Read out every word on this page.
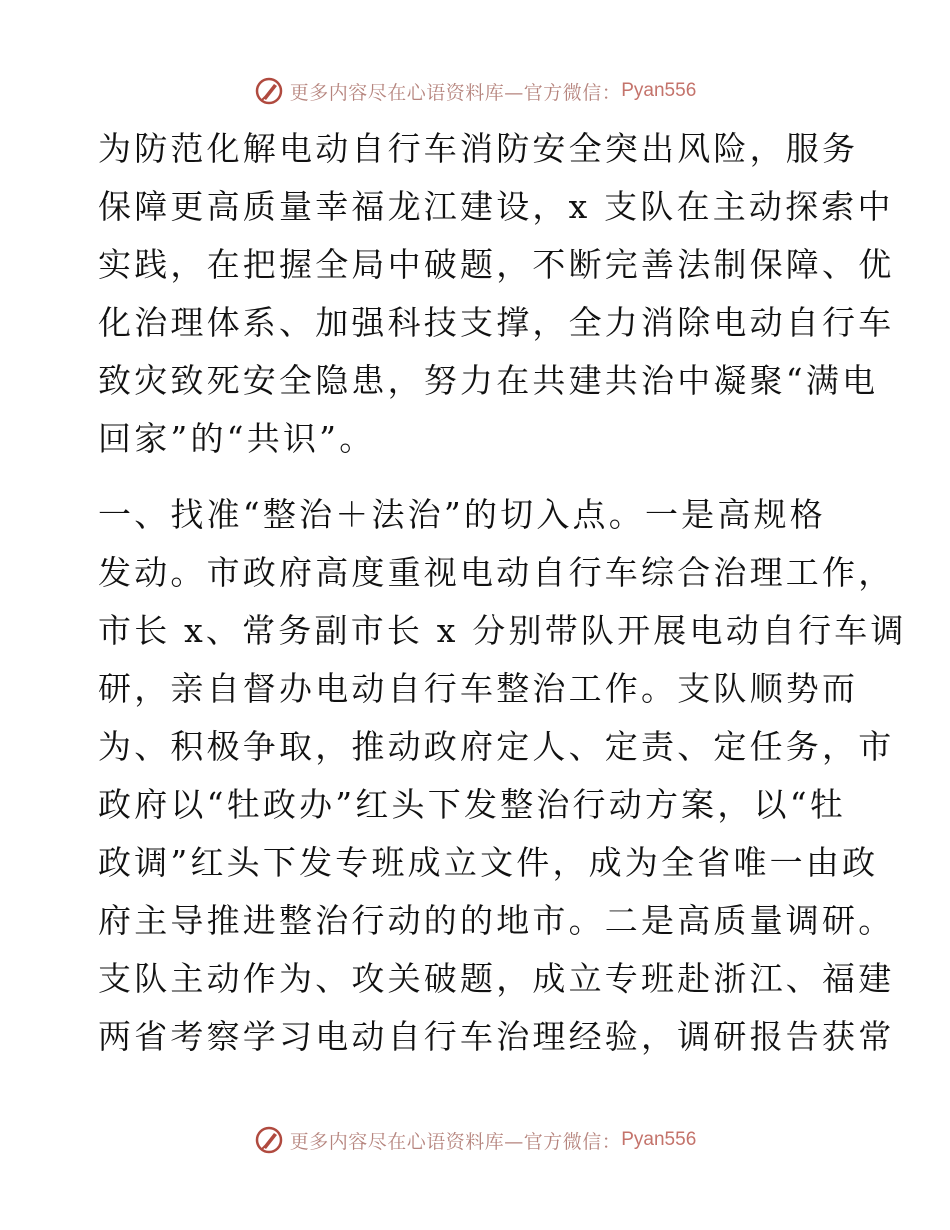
更多内容尽在心语资料库—官方微信： Pyan556
为防范化解电动自行车消防安全突出风险，服务
保障更高质量幸福龙江建设，x 支队在主动探索中
实践，在把握全局中破题，不断完善法制保障、优
化治理体系、加强科技支撑，全力消除电动自行车
致灾致死安全隐患，努力在共建共治中凝聚“满电
回家”的“共识”。
一、找准“整治＋法治”的切入点。一是高规格
发动。市政府高度重视电动自行车综合治理工作，
市长 x、常务副市长 x 分别带队开展电动自行车调
研，亲自督办电动自行车整治工作。支队顺势而
为、积极争取，推动政府定人、定责、定任务，市
政府以“牡政办”红头下发整治行动方案，以“牡
政调”红头下发专班成立文件，成为全省唯一由政
府主导推进整治行动的的地市。二是高质量调研。
支队主动作为、攻关破题，成立专班赴浙江、福建
两省考察学习电动自行车治理经验，调研报告获常
更多内容尽在心语资料库—官方微信： Pyan556
